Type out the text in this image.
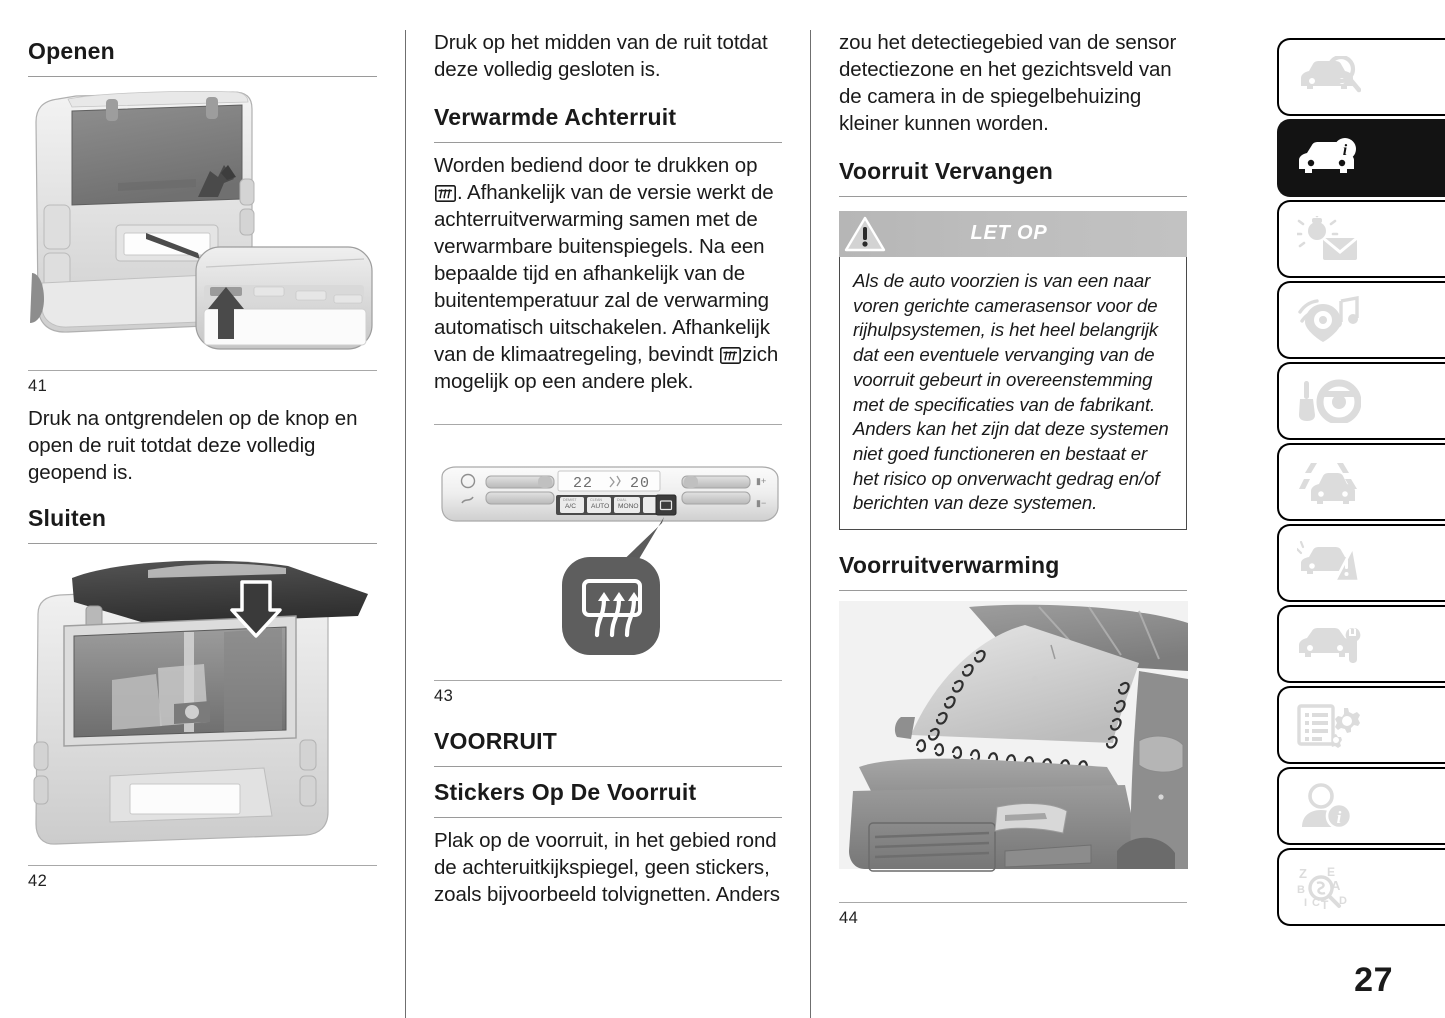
Openen
41

Druk na ontgrendelen op de knop en open de ruit totdat deze volledig geopend is.

Sluiten
42

Druk op het midden van de ruit totdat deze volledig gesloten is.

Verwarmde Achterruit

Worden bediend door te drukken op . Afhankelijk van de versie werkt de achterruitverwarming samen met de verwarmbare buitenspiegels. Na een bepaalde tijd en afhankelijk van de buitentemperatuur zal de verwarming automatisch uitschakelen. Afhankelijk van de klimaatregeling, bevindt zich mogelijk op een andere plek.

22 20
A/C AUTO MONO
DEMIST	CLEAN	DUAL
▮+
▮−
43
VOORRUIT
Stickers Op De Voorruit

Plak op de voorruit, in het gebied rond de achteruitkijkspiegel, geen stickers, zoals bijvoorbeeld tolvignetten. Anders

zou het detectiegebied van de sensor detectiezone en het gezichtsveld van de camera in de spiegelbehuizing kleiner kunnen worden.

Voorruit Vervangen
LET OP

Als de auto voorzien is van een naar voren gerichte camerasensor voor de rijhulpsystemen, is het heel belangrijk dat een eventuele vervanging van de voorruit gebeurt in overeenstemming met de specificaties van de fabrikant. Anders kan het zijn dat deze systemen niet goed functioneren en bestaat er het risico op onverwacht gedrag en/of berichten van deze systemen.

Voorruitverwarming
44
i
i
Z
B
I C T
E
A
D
27
